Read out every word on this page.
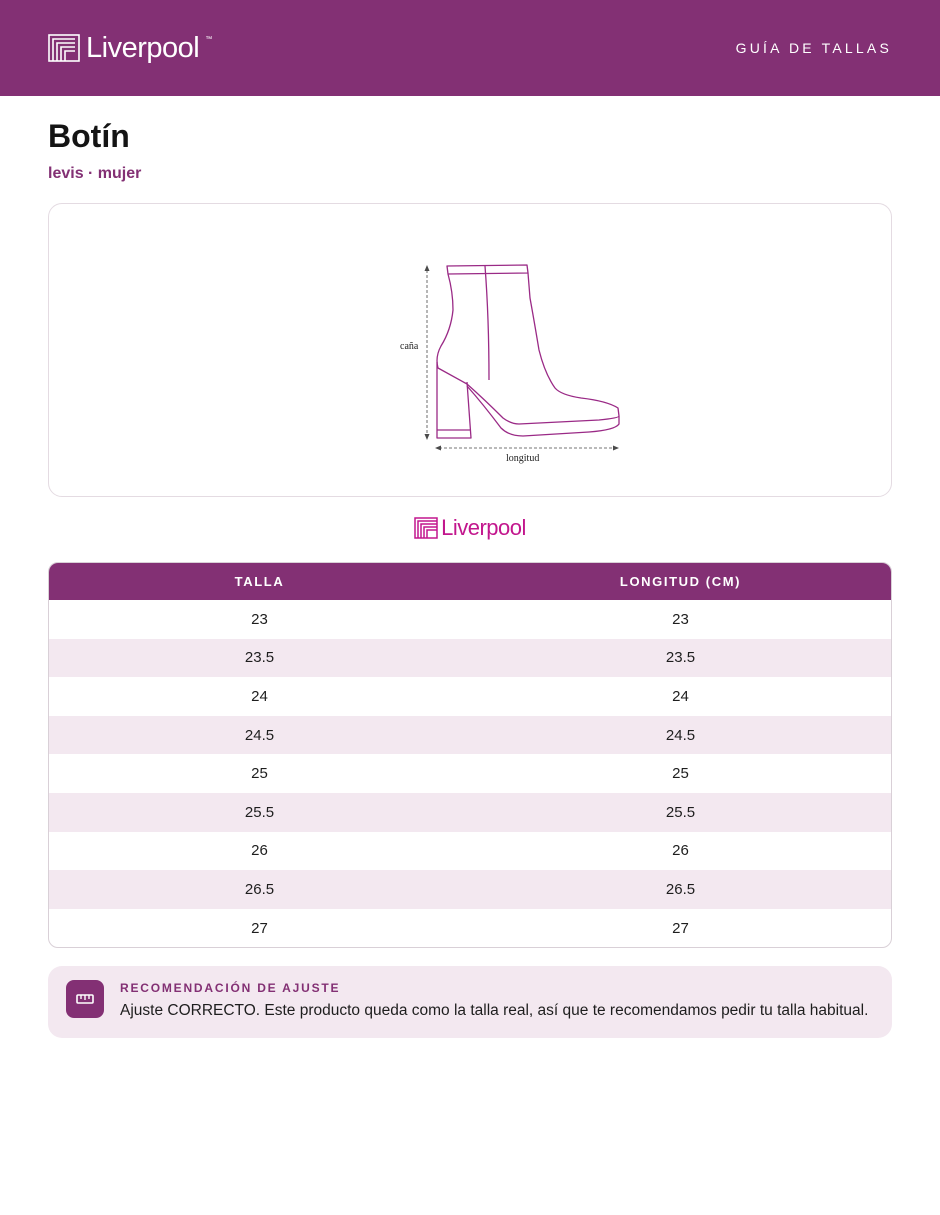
Liverpool ™
GUÍA DE TALLAS
Botín
levis · mujer
caña
longitud
Liverpool
TALLA	LONGITUD (CM)
23	23
23.5	23.5
24	24
24.5	24.5
25	25
25.5	25.5
26	26
26.5	26.5
27	27
RECOMENDACIÓN DE AJUSTE
Ajuste CORRECTO. Este producto queda como la talla real, así que te recomendamos pedir tu talla habitual.
